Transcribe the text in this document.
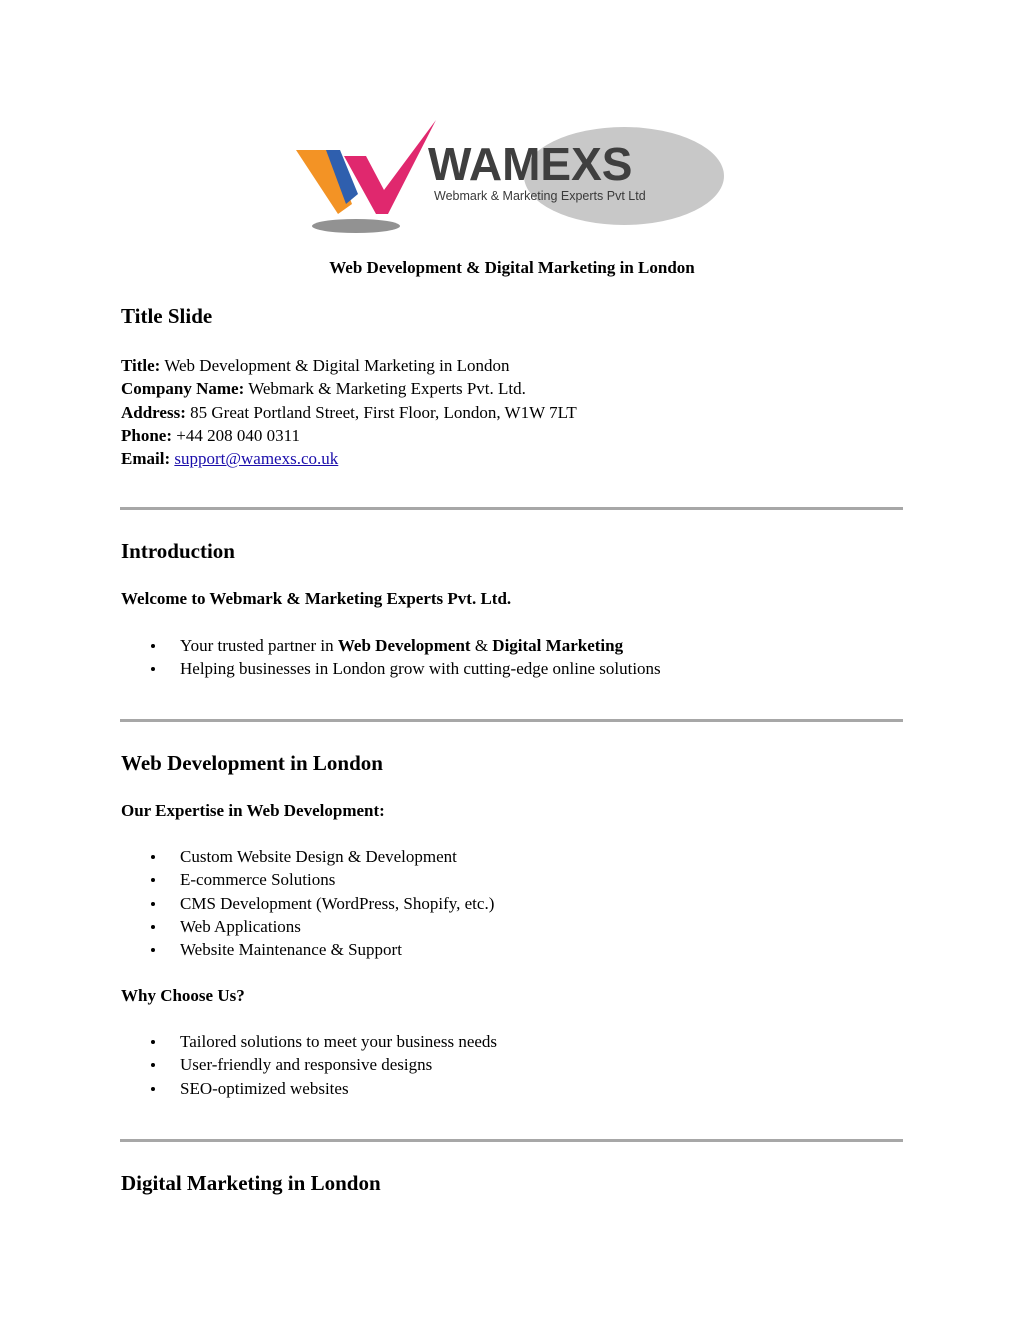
WAMEXS
Webmark & Marketing Experts Pvt Ltd
Web Development & Digital Marketing in London
Title Slide
Title: Web Development & Digital Marketing in London
Company Name: Webmark & Marketing Experts Pvt. Ltd.
Address: 85 Great Portland Street, First Floor, London, W1W 7LT
Phone: +44 208 040 0311
Email: support@wamexs.co.uk
Introduction
Welcome to Webmark & Marketing Experts Pvt. Ltd.
Your trusted partner in Web Development & Digital Marketing
Helping businesses in London grow with cutting-edge online solutions
Web Development in London
Our Expertise in Web Development:
Custom Website Design & Development
E-commerce Solutions
CMS Development (WordPress, Shopify, etc.)
Web Applications
Website Maintenance & Support
Why Choose Us?
Tailored solutions to meet your business needs
User-friendly and responsive designs
SEO-optimized websites
Digital Marketing in London
